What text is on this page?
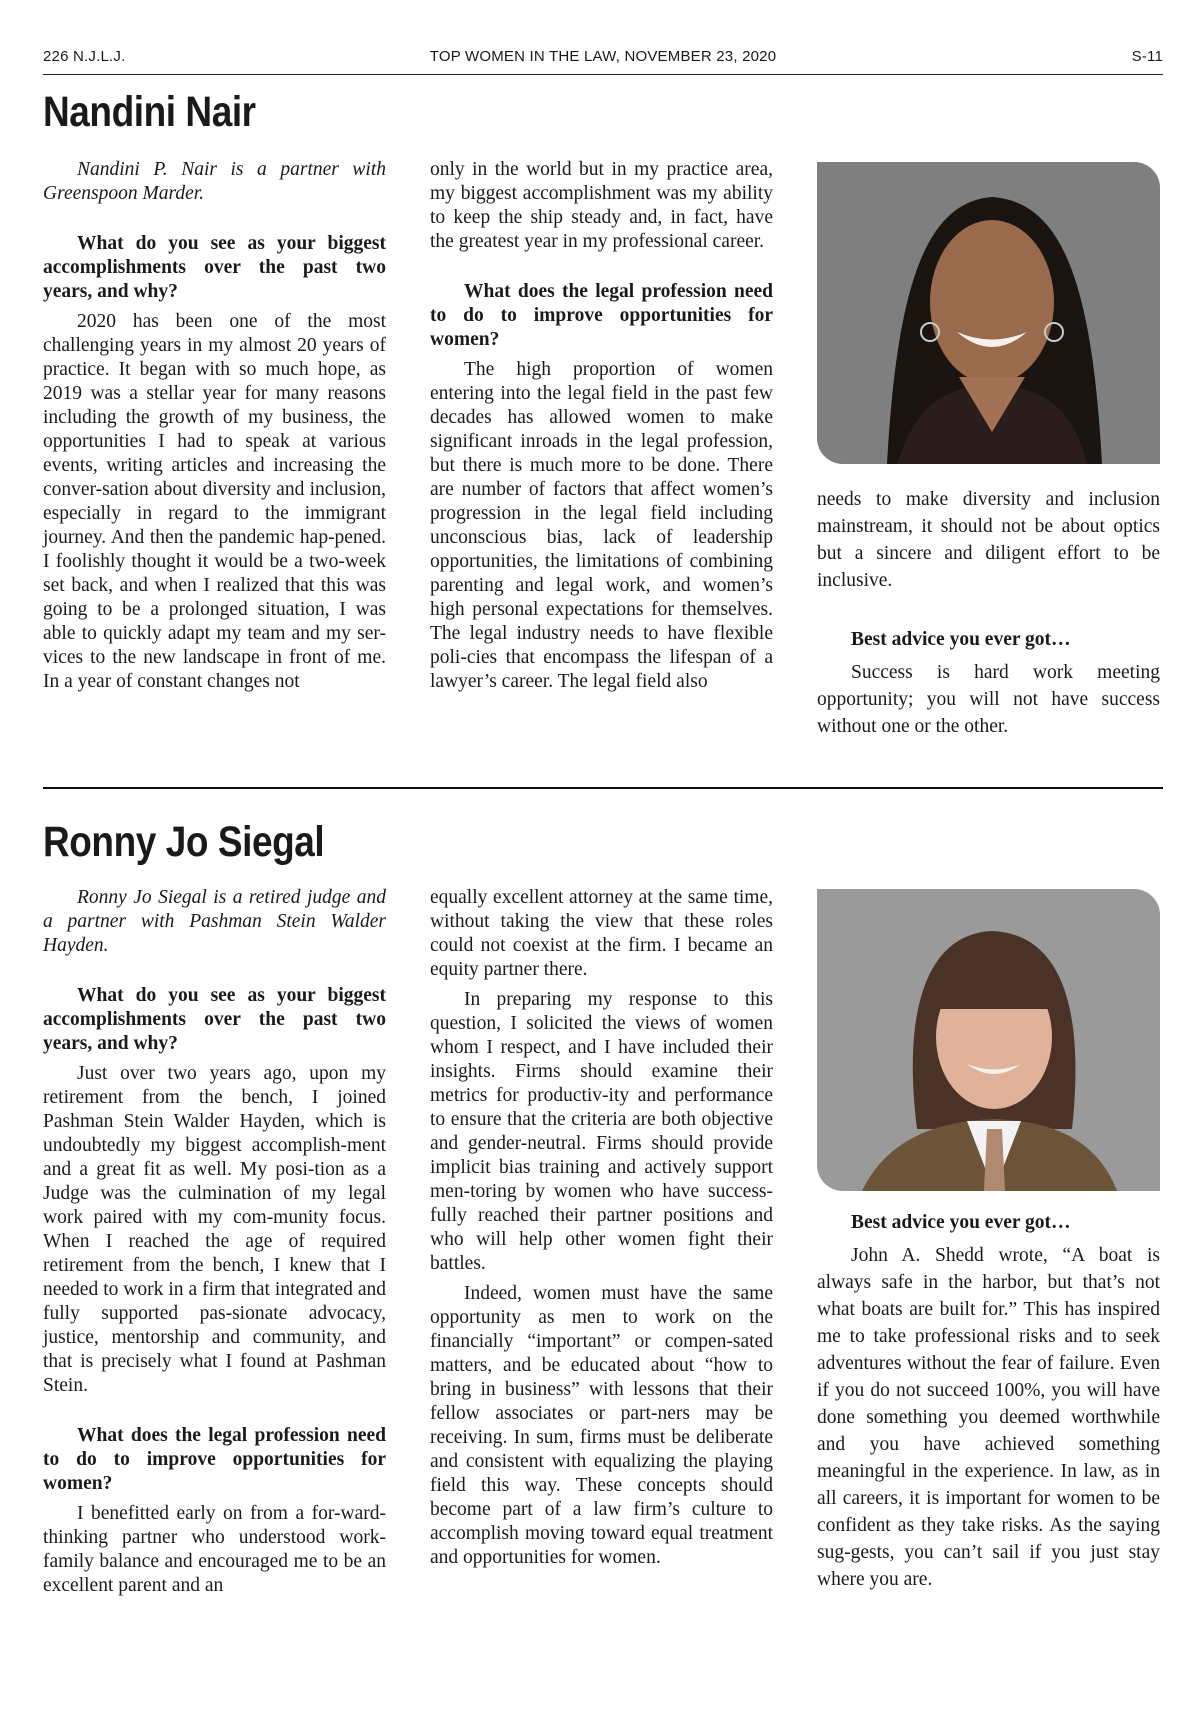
226 N.J.L.J.	TOP WOMEN IN THE LAW, NOVEMBER 23, 2020	S-11
Nandini Nair

Nandini P. Nair is a partner with Greenspoon Marder.

What do you see as your biggest accomplishments over the past two years, and why?

2020 has been one of the most challenging years in my almost 20 years of practice. It began with so much hope, as 2019 was a stellar year for many reasons including the growth of my business, the opportunities I had to speak at various events, writing articles and increasing the conver-sation about diversity and inclusion, especially in regard to the immigrant journey. And then the pandemic hap-pened. I foolishly thought it would be a two-week set back, and when I realized that this was going to be a prolonged situation, I was able to quickly adapt my team and my ser-vices to the new landscape in front of me. In a year of constant changes not

only in the world but in my practice area, my biggest accomplishment was my ability to keep the ship steady and, in fact, have the greatest year in my professional career.

What does the legal profession need to do to improve opportunities for women?

The high proportion of women entering into the legal field in the past few decades has allowed women to make significant inroads in the legal profession, but there is much more to be done. There are number of factors that affect women’s progression in the legal field including unconscious bias, lack of leadership opportunities, the limitations of combining parenting and legal work, and women’s high personal expectations for themselves. The legal industry needs to have flexible poli-cies that encompass the lifespan of a lawyer’s career. The legal field also

needs to make diversity and inclusion mainstream, it should not be about optics but a sincere and diligent effort to be inclusive.

Best advice you ever got…

Success is hard work meeting opportunity; you will not have success without one or the other.

Ronny Jo Siegal

Ronny Jo Siegal is a retired judge and a partner with Pashman Stein Walder Hayden.

What do you see as your biggest accomplishments over the past two years, and why?

Just over two years ago, upon my retirement from the bench, I joined Pashman Stein Walder Hayden, which is undoubtedly my biggest accomplish-ment and a great fit as well. My posi-tion as a Judge was the culmination of my legal work paired with my com-munity focus. When I reached the age of required retirement from the bench, I knew that I needed to work in a firm that integrated and fully supported pas-sionate advocacy, justice, mentorship and community, and that is precisely what I found at Pashman Stein.

What does the legal profession need to do to improve opportunities for women?

I benefitted early on from a for-ward-thinking partner who understood work-family balance and encouraged me to be an excellent parent and an

equally excellent attorney at the same time, without taking the view that these roles could not coexist at the firm. I became an equity partner there.

In preparing my response to this question, I solicited the views of women whom I respect, and I have included their insights. Firms should examine their metrics for productiv-ity and performance to ensure that the criteria are both objective and gender-neutral. Firms should provide implicit bias training and actively support men-toring by women who have success-fully reached their partner positions and who will help other women fight their battles.

Indeed, women must have the same opportunity as men to work on the financially “important” or compen-sated matters, and be educated about “how to bring in business” with lessons that their fellow associates or part-ners may be receiving. In sum, firms must be deliberate and consistent with equalizing the playing field this way. These concepts should become part of a law firm’s culture to accomplish moving toward equal treatment and opportunities for women.

Best advice you ever got…

John A. Shedd wrote, “A boat is always safe in the harbor, but that’s not what boats are built for.” This has inspired me to take professional risks and to seek adventures without the fear of failure. Even if you do not succeed 100%, you will have done something you deemed worthwhile and you have achieved something meaningful in the experience. In law, as in all careers, it is important for women to be confident as they take risks. As the saying sug-gests, you can’t sail if you just stay where you are.
